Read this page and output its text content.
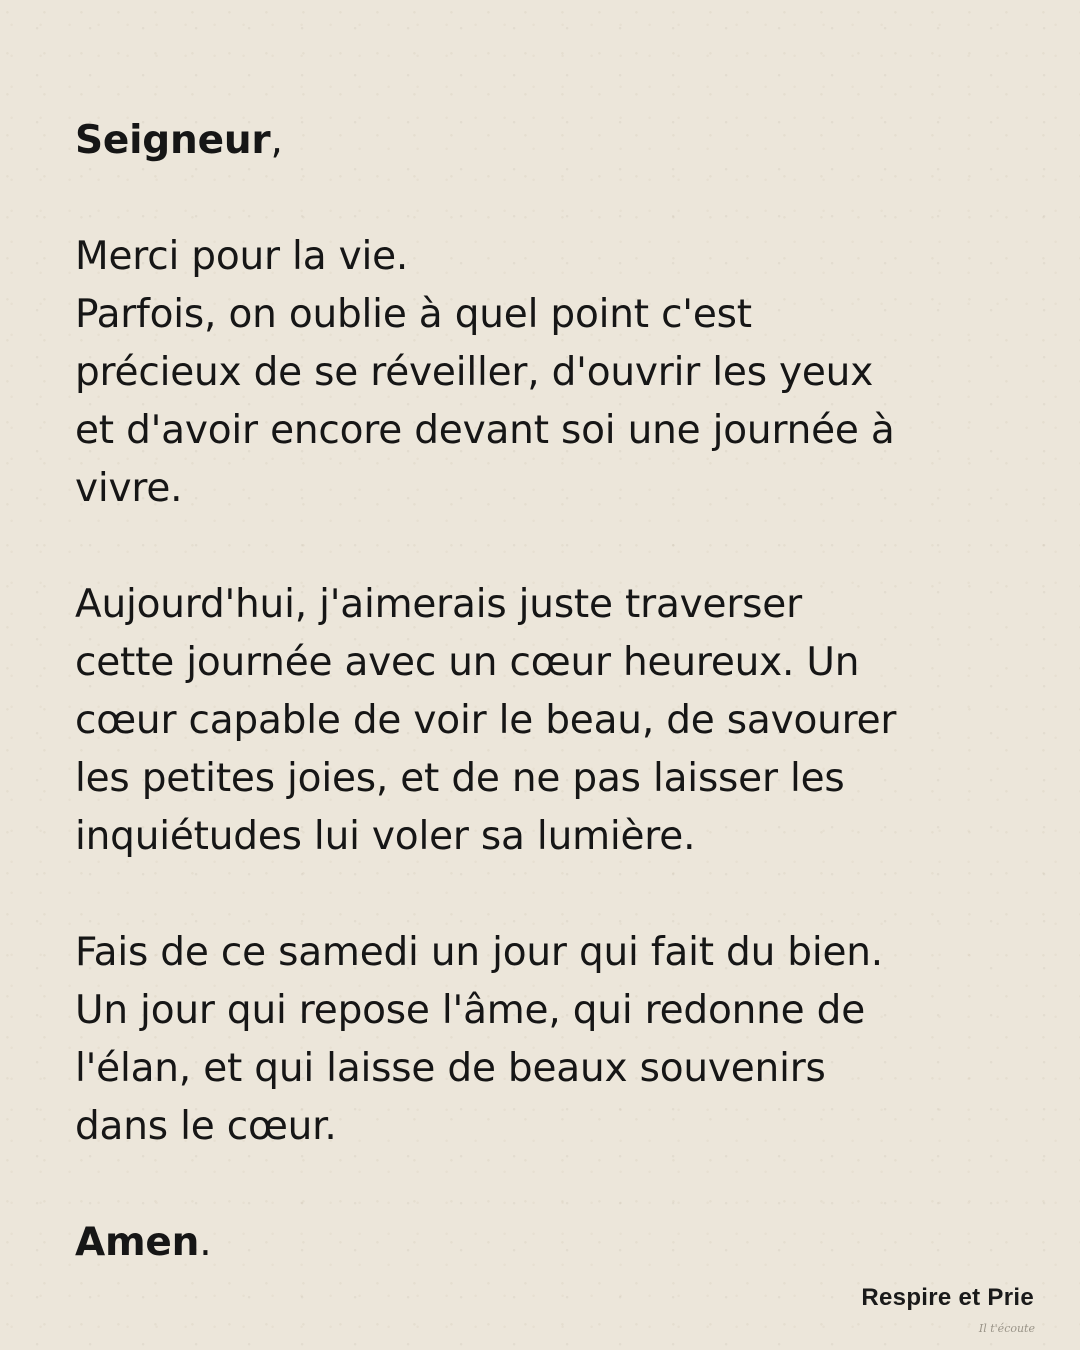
Seigneur,
Merci pour la vie.
Parfois, on oublie à quel point c'est
précieux de se réveiller, d'ouvrir les yeux
et d'avoir encore devant soi une journée à
vivre.
Aujourd'hui, j'aimerais juste traverser
cette journée avec un cœur heureux. Un
cœur capable de voir le beau, de savourer
les petites joies, et de ne pas laisser les
inquiétudes lui voler sa lumière.
Fais de ce samedi un jour qui fait du bien.
Un jour qui repose l'âme, qui redonne de
l'élan, et qui laisse de beaux souvenirs
dans le cœur.
Amen.
Respire et Prie
Il t'écoute
